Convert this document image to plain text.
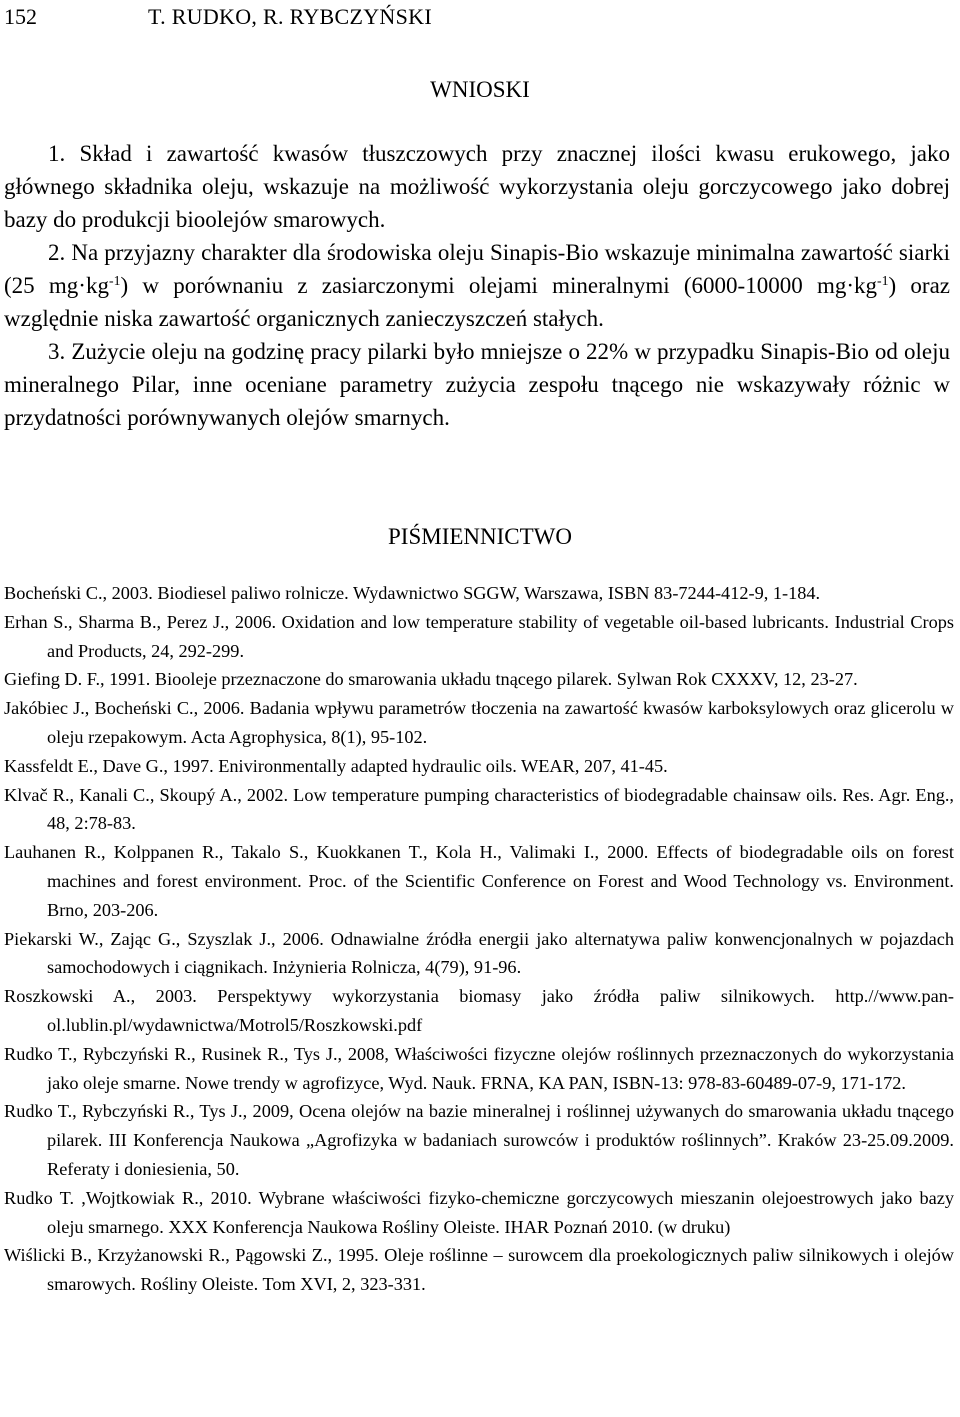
152	T. RUDKO, R. RYBCZYŃSKI
WNIOSKI

1. Skład i zawartość kwasów tłuszczowych przy znacznej ilości kwasu erukowego, jako głównego składnika oleju, wskazuje na możliwość wykorzystania oleju gorczycowego jako dobrej bazy do produkcji bioolejów smarowych.

2. Na przyjazny charakter dla środowiska oleju Sinapis-Bio wskazuje minimalna zawartość siarki (25 $mg\cdot kg^{-1}$) w porównaniu z zasiarczonymi olejami mineralnymi (6000-10000 $mg\cdot kg^{-1}$) oraz względnie niska zawartość organicznych zanieczyszczeń stałych.

3. Zużycie oleju na godzinę pracy pilarki było mniejsze o 22% w przypadku Sinapis-Bio od oleju mineralnego Pilar, inne oceniane parametry zużycia zespołu tnącego nie wskazywały różnic w przydatności porównywanych olejów smarnych.

PIŚMIENNICTWO

Bocheński C., 2003. Biodiesel paliwo rolnicze. Wydawnictwo SGGW, Warszawa, ISBN 83-7244-412-9, 1-184.

Erhan S., Sharma B., Perez J., 2006. Oxidation and low temperature stability of vegetable oil-based lubricants. Industrial Crops and Products, 24, 292-299.

Giefing D. F., 1991. Biooleje przeznaczone do smarowania układu tnącego pilarek. Sylwan Rok CXXXV, 12, 23-27.

Jakóbiec J., Bocheński C., 2006. Badania wpływu parametrów tłoczenia na zawartość kwasów karboksylowych oraz glicerolu w oleju rzepakowym. Acta Agrophysica, 8(1), 95-102.

Kassfeldt E., Dave G., 1997. Enivironmentally adapted hydraulic oils. WEAR, 207, 41-45.

Klvač R., Kanali C., Skoupý A., 2002. Low temperature pumping characteristics of biodegradable chainsaw oils. Res. Agr. Eng., 48, 2:78-83.

Lauhanen R., Kolppanen R., Takalo S., Kuokkanen T., Kola H., Valimaki I., 2000. Effects of biodegradable oils on forest machines and forest environment. Proc. of the Scientific Conference on Forest and Wood Technology vs. Environment. Brno, 203-206.

Piekarski W., Zając G., Szyszlak J., 2006. Odnawialne źródła energii jako alternatywa paliw konwencjonalnych w pojazdach samochodowych i ciągnikach. Inżynieria Rolnicza, 4(79), 91-96.

Roszkowski A., 2003. Perspektywy wykorzystania biomasy jako źródła paliw silnikowych. http.//www.pan-ol.lublin.pl/wydawnictwa/Motrol5/Roszkowski.pdf

Rudko T., Rybczyński R., Rusinek R., Tys J., 2008, Właściwości fizyczne olejów roślinnych przeznaczonych do wykorzystania jako oleje smarne. Nowe trendy w agrofizyce, Wyd. Nauk. FRNA, KA PAN, ISBN-13: 978-83-60489-07-9, 171-172.

Rudko T., Rybczyński R., Tys J., 2009, Ocena olejów na bazie mineralnej i roślinnej używanych do smarowania układu tnącego pilarek. III Konferencja Naukowa „Agrofizyka w badaniach surowców i produktów roślinnych”. Kraków 23-25.09.2009. Referaty i doniesienia, 50.

Rudko T. ,Wojtkowiak R., 2010. Wybrane właściwości fizyko-chemiczne gorczycowych mieszanin olejoestrowych jako bazy oleju smarnego. XXX Konferencja Naukowa Rośliny Oleiste. IHAR Poznań 2010. (w druku)

Wiślicki B., Krzyżanowski R., Pągowski Z., 1995. Oleje roślinne – surowcem dla proekologicznych paliw silnikowych i olejów smarowych. Rośliny Oleiste. Tom XVI, 2, 323-331.
